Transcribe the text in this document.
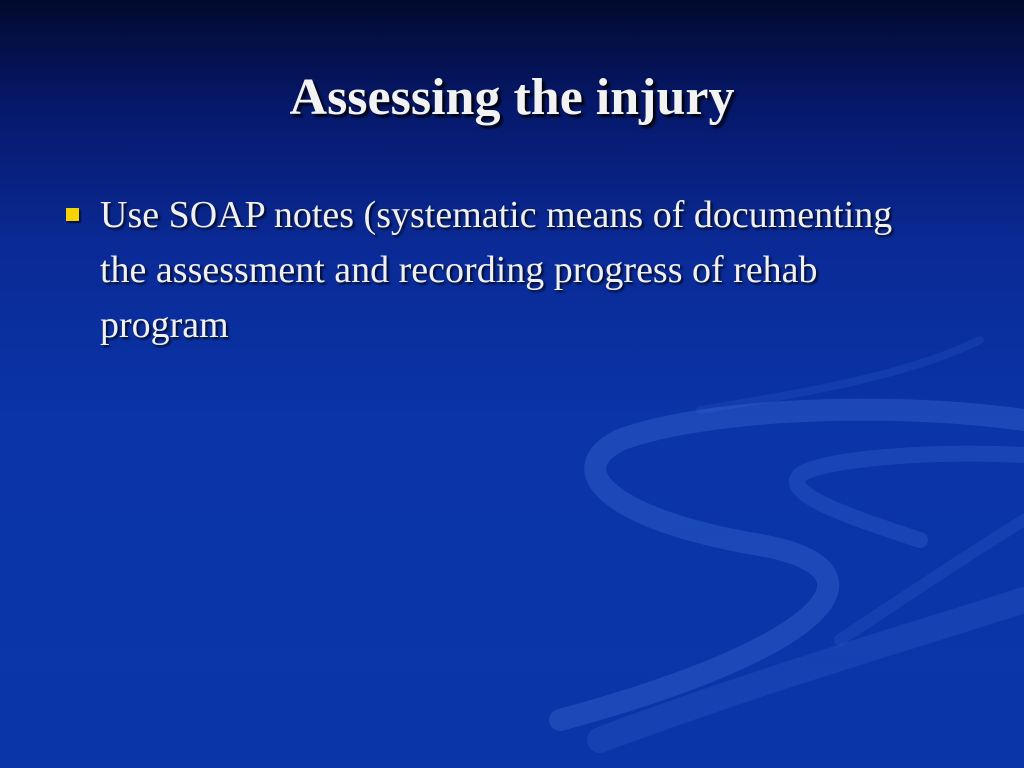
Assessing the injury
Use SOAP notes (systematic means of documenting the assessment and recording progress of rehab program
